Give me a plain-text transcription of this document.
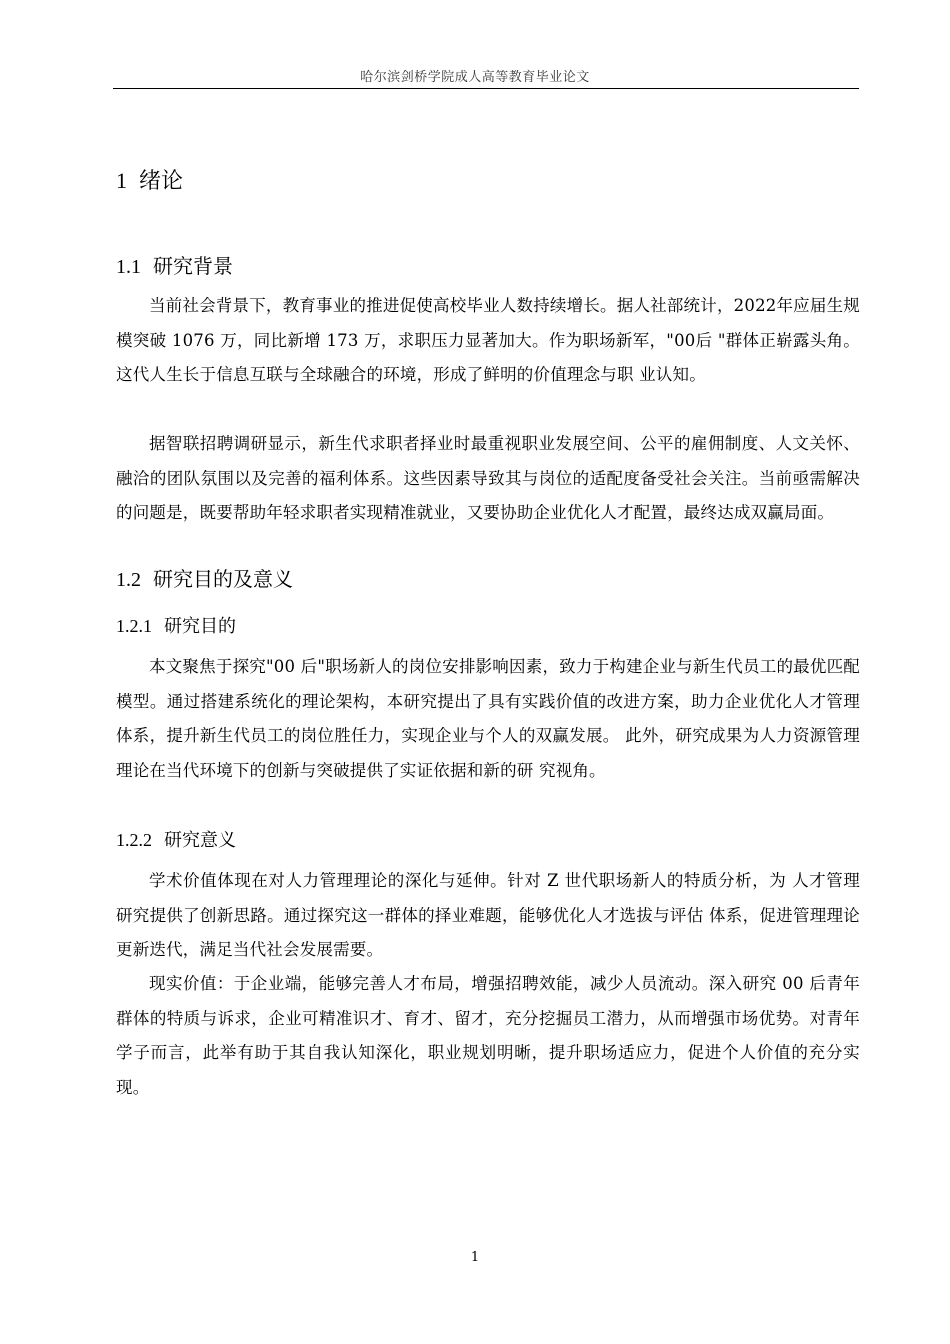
哈尔滨剑桥学院成人高等教育毕业论文
1 绪论
1.1 研究背景

当前社会背景下，教育事业的推进促使高校毕业人数持续增长。据人社部统计，2022年应届生规模突破 1076 万，同比新增 173 万，求职压力显著加大。作为职场新军，"00后 "群体正崭露头角。这代人生长于信息互联与全球融合的环境，形成了鲜明的价值理念与职 业认知。

据智联招聘调研显示，新生代求职者择业时最重视职业发展空间、公平的雇佣制度、人文关怀、融洽的团队氛围以及完善的福利体系。这些因素导致其与岗位的适配度备受社会关注。当前亟需解决的问题是，既要帮助年轻求职者实现精准就业，又要协助企业优化人才配置，最终达成双赢局面。

1.2 研究目的及意义
1.2.1 研究目的

本文聚焦于探究"00 后"职场新人的岗位安排影响因素，致力于构建企业与新生代员工的最优匹配模型。通过搭建系统化的理论架构，本研究提出了具有实践价值的改进方案，助力企业优化人才管理体系，提升新生代员工的岗位胜任力，实现企业与个人的双赢发展。 此外，研究成果为人力资源管理理论在当代环境下的创新与突破提供了实证依据和新的研 究视角。

1.2.2 研究意义

学术价值体现在对人力管理理论的深化与延伸。针对 Z 世代职场新人的特质分析，为 人才管理研究提供了创新思路。通过探究这一群体的择业难题，能够优化人才选拔与评估 体系，促进管理理论更新迭代，满足当代社会发展需要。

现实价值：于企业端，能够完善人才布局，增强招聘效能，减少人员流动。深入研究 00 后青年群体的特质与诉求，企业可精准识才、育才、留才，充分挖掘员工潜力，从而增强市场优势。对青年学子而言，此举有助于其自我认知深化，职业规划明晰，提升职场适应力，促进个人价值的充分实现。

1
